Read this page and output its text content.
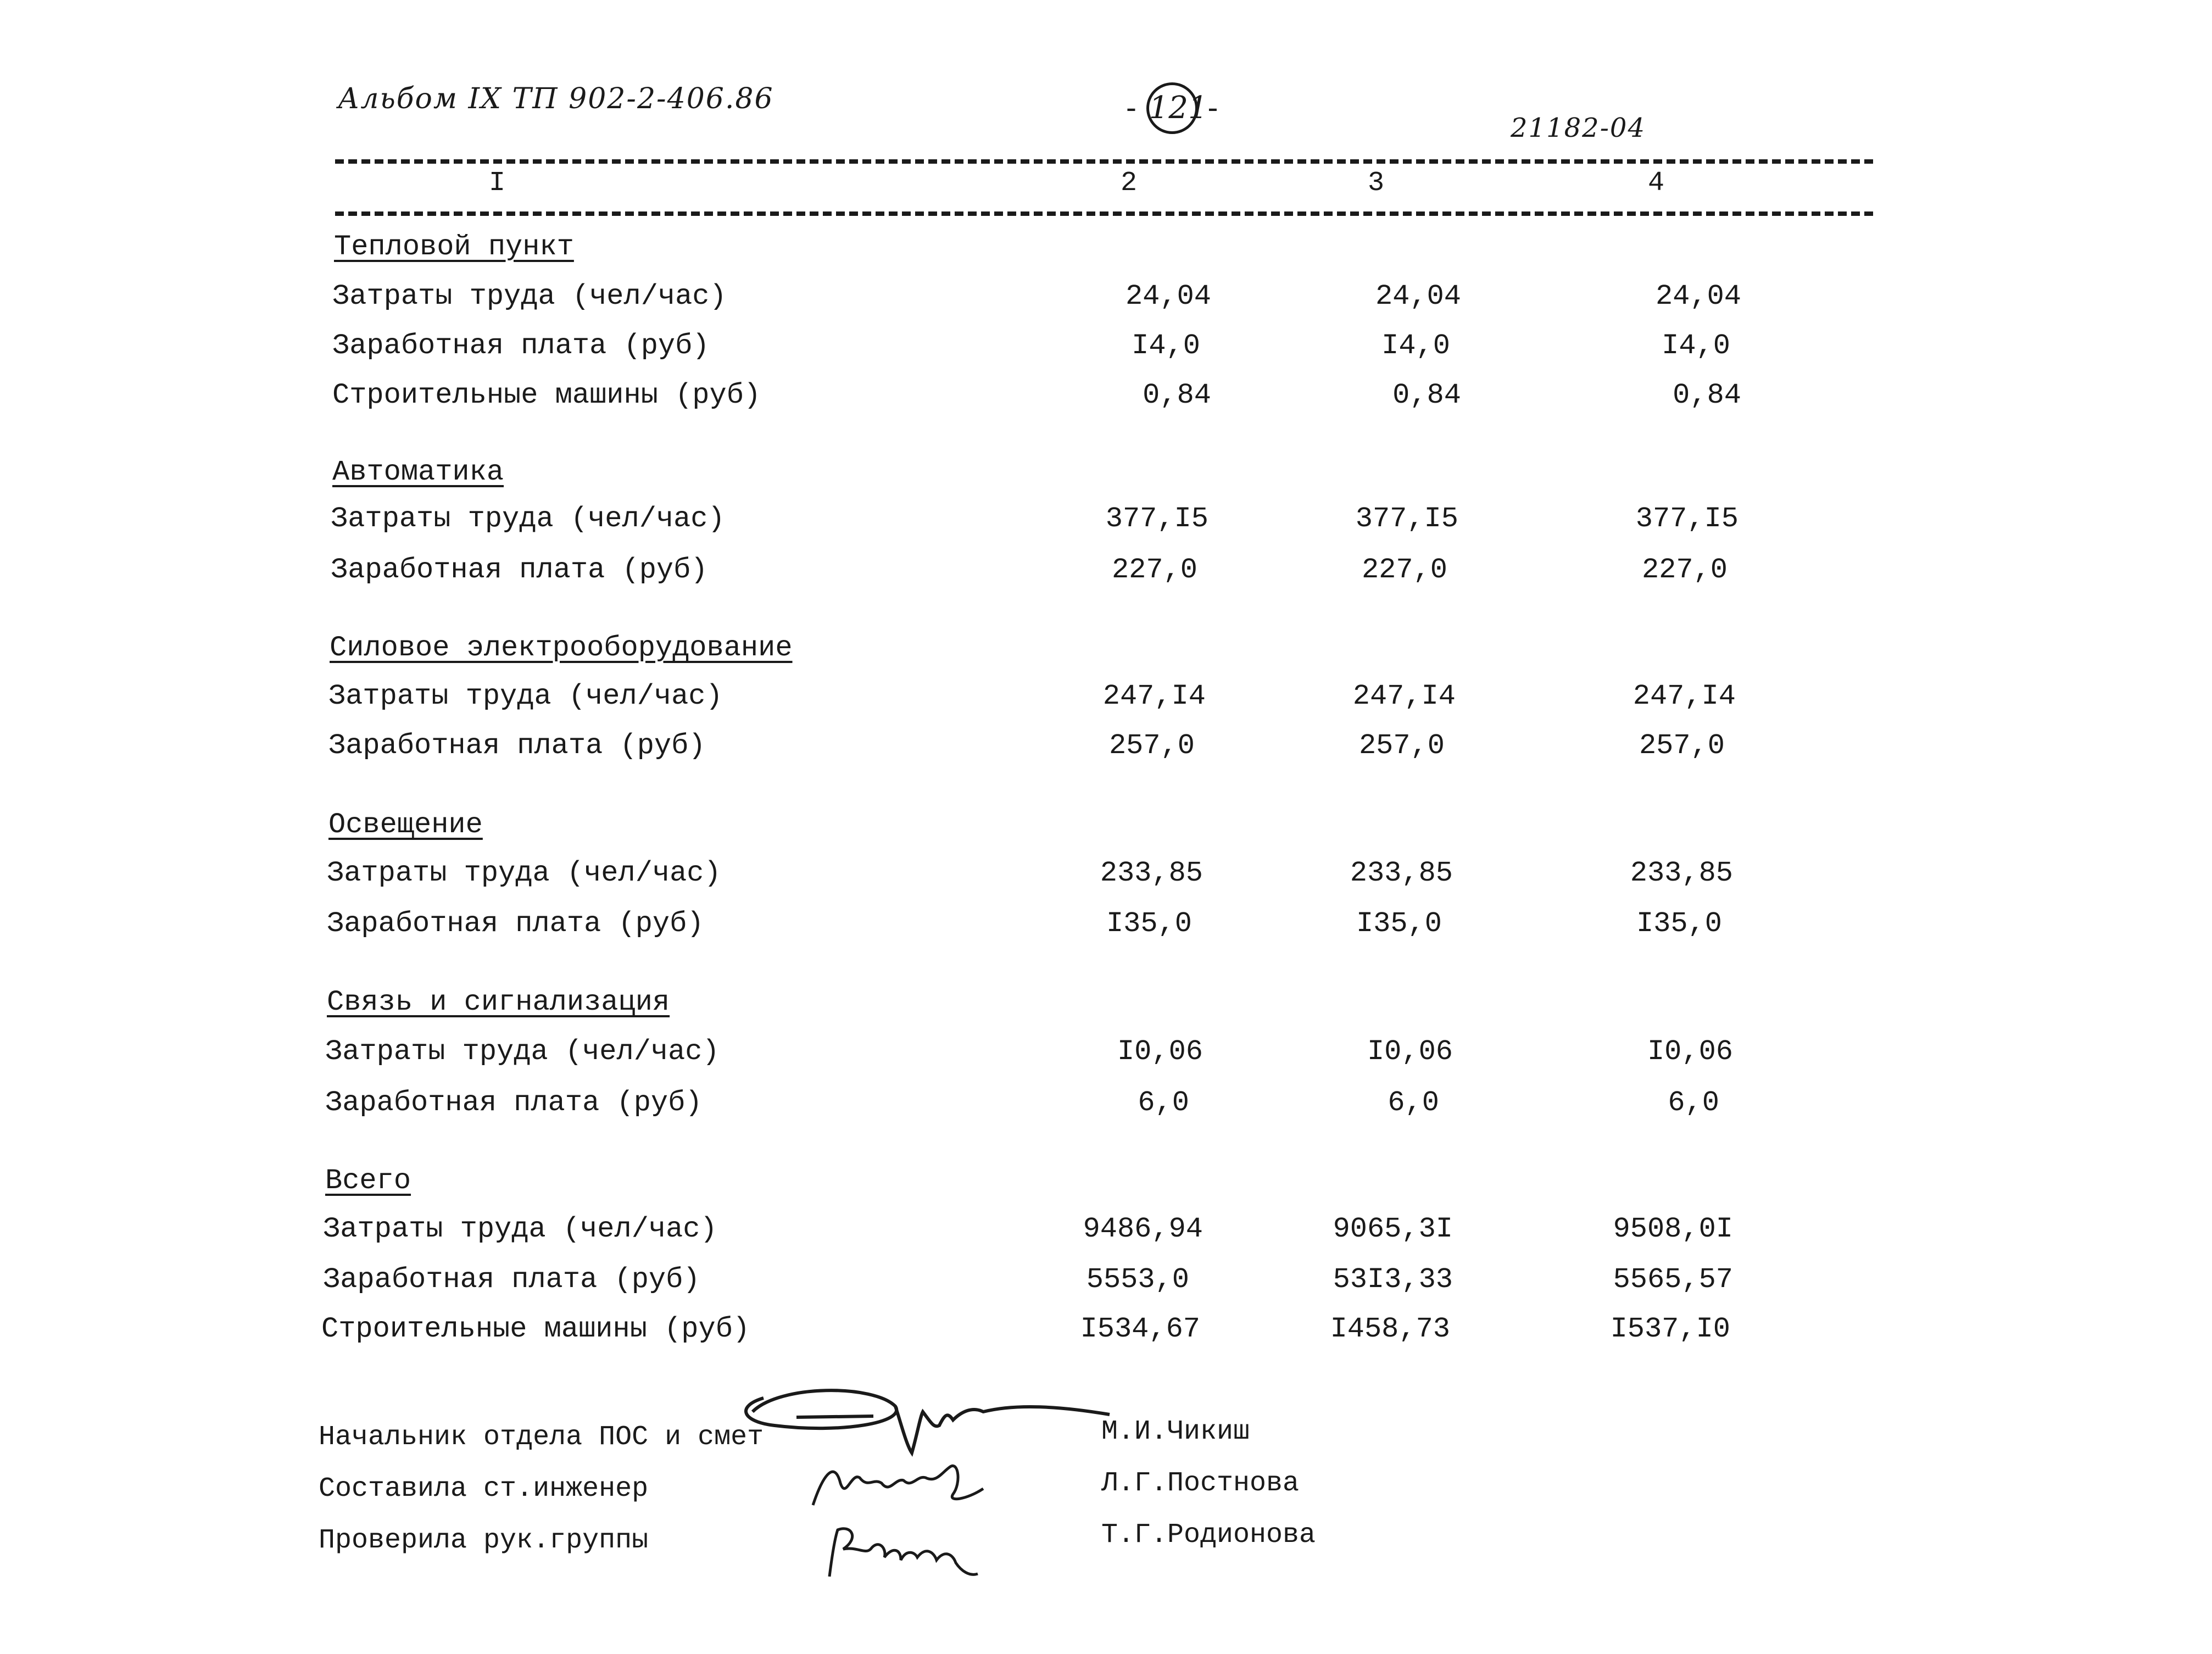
Альбом IX ТП 902-2-406.86	- 121 -
21182-04
I	2	3	4
Тепловой пункт
Затраты труда (чел/час)	24,04	24,04	24,04
Заработная плата (руб)	I4,0	I4,0	I4,0
Строительные машины (руб)	0,84	0,84	0,84
Автоматика
Затраты труда (чел/час)	377,I5	377,I5	377,I5
Заработная плата (руб)	227,0	227,0	227,0
Силовое электрооборудование
Затраты труда (чел/час)	247,I4	247,I4	247,I4
Заработная плата (руб)	257,0	257,0	257,0
Освещение
Затраты труда (чел/час)	233,85	233,85	233,85
Заработная плата (руб)	I35,0	I35,0	I35,0
Связь и сигнализация
Затраты труда (чел/час)	I0,06	I0,06	I0,06
Заработная плата (руб)	6,0	6,0	6,0
Всего
Затраты труда (чел/час)	9486,94	9065,3I	9508,0I
Заработная плата (руб)	5553,0	53I3,33	5565,57
Строительные машины (руб)	I534,67	I458,73	I537,I0
Начальник отдела ПОС и смет	М.И.Чикиш
Составила ст.инженер	Л.Г.Постнова
Проверила рук.группы	Т.Г.Родионова
